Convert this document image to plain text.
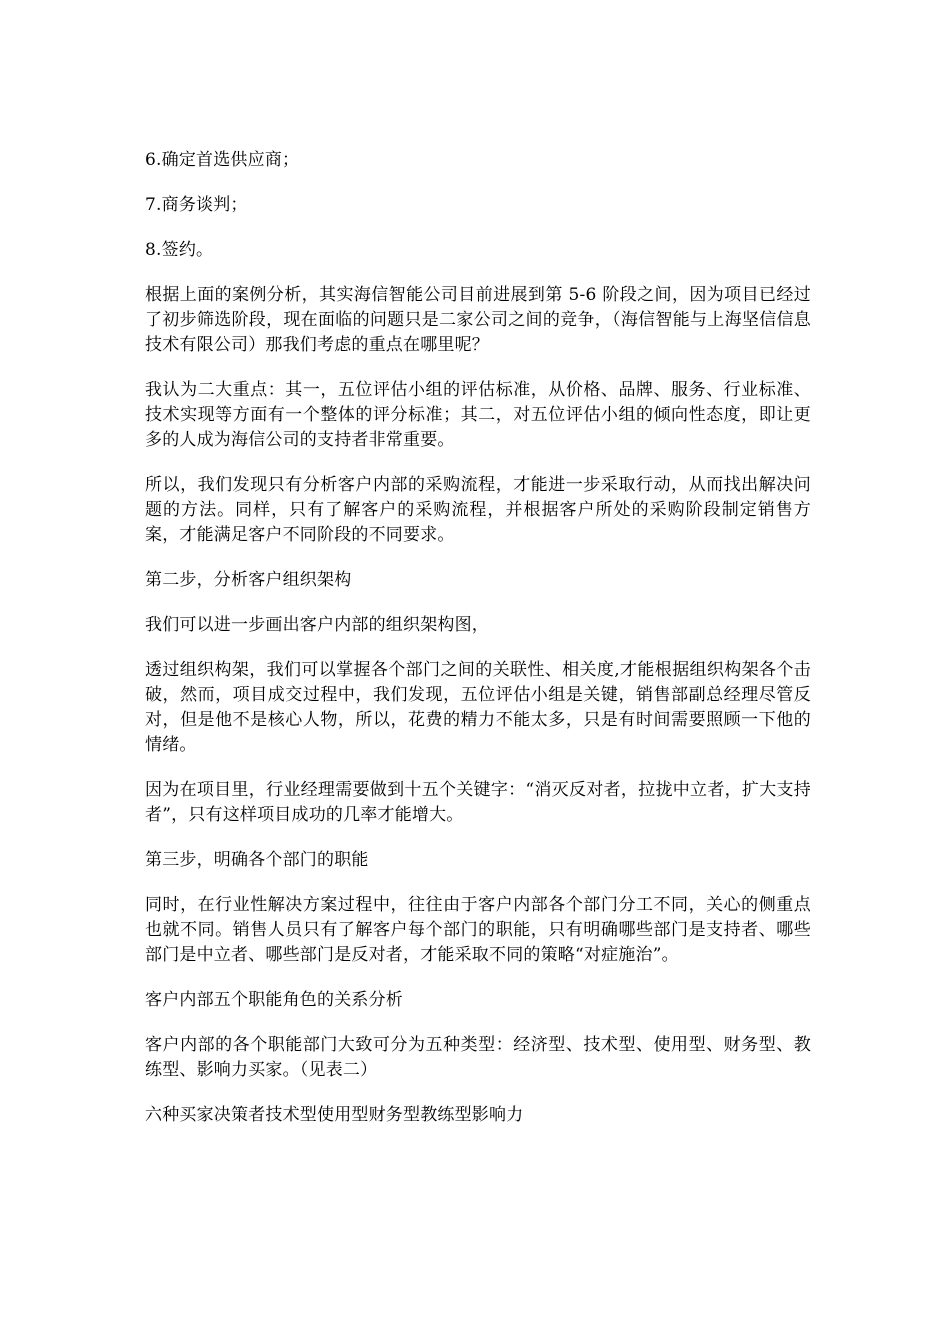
6.确定首选供应商；

7.商务谈判；

8.签约。

根据上面的案例分析，其实海信智能公司目前进展到第 5-6 阶段之间，因为项目已经过了初步筛选阶段，现在面临的问题只是二家公司之间的竞争，（海信智能与上海坚信信息技术有限公司）那我们考虑的重点在哪里呢？

我认为二大重点：其一，五位评估小组的评估标准，从价格、品牌、服务、行业标准、技术实现等方面有一个整体的评分标准；其二，对五位评估小组的倾向性态度，即让更多的人成为海信公司的支持者非常重要。

所以，我们发现只有分析客户内部的采购流程，才能进一步采取行动，从而找出解决问题的方法。同样，只有了解客户的采购流程，并根据客户所处的采购阶段制定销售方案，才能满足客户不同阶段的不同要求。

第二步，分析客户组织架构

我们可以进一步画出客户内部的组织架构图，

透过组织构架，我们可以掌握各个部门之间的关联性、相关度,才能根据组织构架各个击破，然而，项目成交过程中，我们发现，五位评估小组是关键，销售部副总经理尽管反对，但是他不是核心人物，所以，花费的精力不能太多，只是有时间需要照顾一下他的情绪。

因为在项目里，行业经理需要做到十五个关键字：“消灭反对者，拉拢中立者，扩大支持者”，只有这样项目成功的几率才能增大。

第三步，明确各个部门的职能

同时，在行业性解决方案过程中，往往由于客户内部各个部门分工不同，关心的侧重点也就不同。销售人员只有了解客户每个部门的职能，只有明确哪些部门是支持者、哪些部门是中立者、哪些部门是反对者，才能采取不同的策略“对症施治”。

客户内部五个职能角色的关系分析

客户内部的各个职能部门大致可分为五种类型：经济型、技术型、使用型、财务型、教练型、影响力买家。（见表二）

六种买家决策者技术型使用型财务型教练型影响力
